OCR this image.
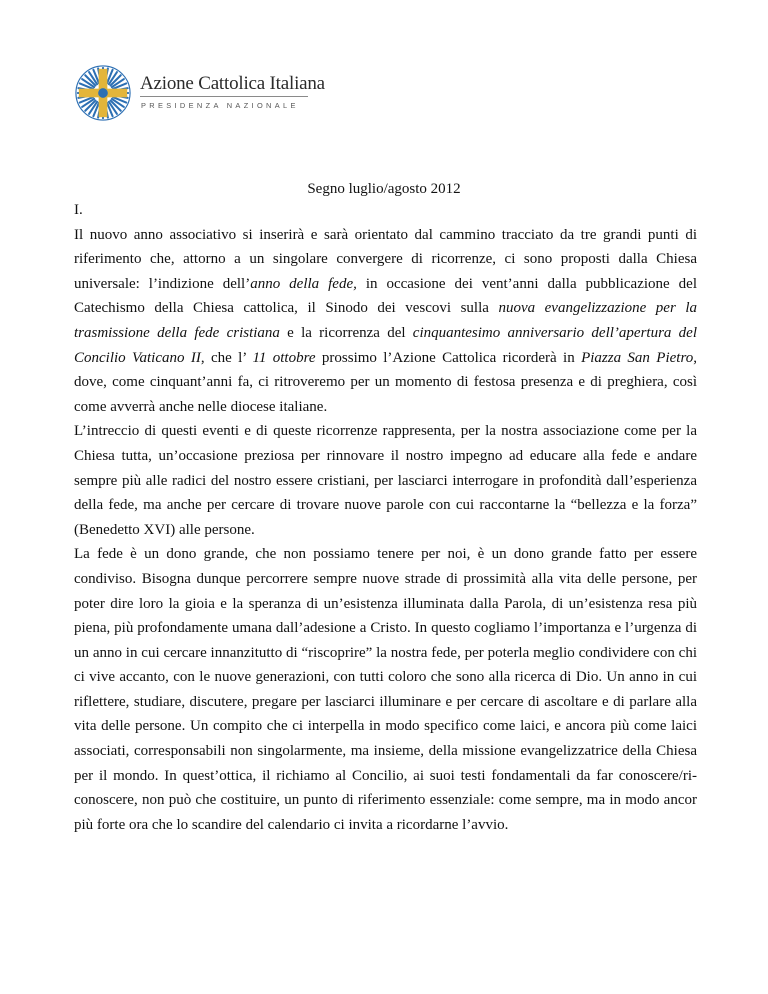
Azione Cattolica Italiana
PRESIDENZA NAZIONALE
Segno luglio/agosto 2012
I.

Il nuovo anno associativo si inserirà e sarà orientato dal cammino tracciato da tre grandi punti di riferimento che, attorno a un singolare convergere di ricorrenze, ci sono proposti dalla Chiesa universale: l’indizione dell’anno della fede, in occasione dei vent’anni dalla pubblicazione del Catechismo della Chiesa cattolica, il Sinodo dei vescovi sulla nuova evangelizzazione per la trasmissione della fede cristiana e la ricorrenza del cinquantesimo anniversario dell’apertura del Concilio Vaticano II, che l’ 11 ottobre prossimo l’Azione Cattolica ricorderà in Piazza San Pietro, dove, come cinquant’anni fa, ci ritroveremo per un momento di festosa presenza e di preghiera, così come avverrà anche nelle diocese italiane.

L’intreccio di questi eventi e di queste ricorrenze rappresenta, per la nostra associazione come per la Chiesa tutta, un’occasione preziosa per rinnovare il nostro impegno ad educare alla fede e andare sempre più alle radici del nostro essere cristiani, per lasciarci interrogare in profondità dall’esperienza della fede, ma anche per cercare di trovare nuove parole con cui raccontarne la “bellezza e la forza” (Benedetto XVI) alle persone.

La fede è un dono grande, che non possiamo tenere per noi, è un dono grande fatto per essere condiviso. Bisogna dunque percorrere sempre nuove strade di prossimità alla vita delle persone, per poter dire loro la gioia e la speranza di un’esistenza illuminata dalla Parola, di un’esistenza resa più piena, più profondamente umana dall’adesione a Cristo. In questo cogliamo l’importanza e l’urgenza di un anno in cui cercare innanzitutto di “riscoprire” la nostra fede, per poterla meglio condividere con chi ci vive accanto, con le nuove generazioni, con tutti coloro che sono alla ricerca di Dio. Un anno in cui riflettere, studiare, discutere, pregare per lasciarci illuminare e per cercare di ascoltare e di parlare alla vita delle persone. Un compito che ci interpella in modo specifico come laici, e ancora più come laici associati, corresponsabili non singolarmente, ma insieme, della missione evangelizzatrice della Chiesa per il mondo. In quest’ottica, il richiamo al Concilio, ai suoi testi fondamentali da far conoscere/ri-conoscere, non può che costituire, un punto di riferimento essenziale: come sempre, ma in modo ancor più forte ora che lo scandire del calendario ci invita a ricordarne l’avvio.
